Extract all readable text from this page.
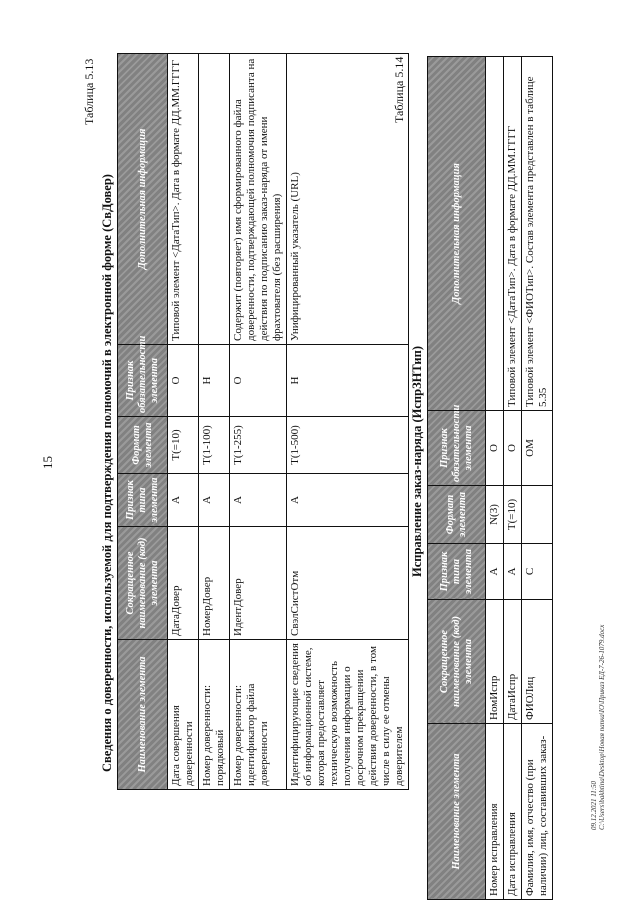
15
Таблица 5.13
Сведения о доверенности, используемой для подтверждения полномочий в электронной форме (СвДовер) Наименование элемента	Сокращенное наименование (код) элемента	Признак типа элемента	Формат элемента	Признак обязательности элемента	Дополнительная информация
Дата совершения доверенности	ДатаДовер	А	T(=10)	О	Типовой элемент <ДатаТип>. Дата в формате ДД.ММ.ГГГГ
Номер доверенности: порядковый	НомерДовер	А	T(1-100)	Н	
Номер доверенности: идентификатор файла доверенности	ИдентДовер	А	T(1-255)	О	Содержит (повторяет) имя сформированного файла доверенности, подтверждающей полномочия подписанта на действия по подписанию заказ-наряда от имени фрахтователя (без расширения)
Идентифицирующие сведения об информационной системе, которая предоставляет техническую возможность получения информации о досрочном прекращении действия доверенности, в том числе в силу ее отмены доверителем	СвэлСистОтм	А	T(1-500)	Н	Унифицированный указатель (URL)
Таблица 5.14
Исправление заказ-наряда (ИспрЗНТип)
Наименование элемента	Сокращенное наименование (код) элемента	Признак типа элемента	Формат элемента	Признак обязательности элемента	Дополнительная информация
Номер исправления	НомИспр	А	N(3)	О	
Дата исправления	ДатаИспр	А	T(=10)	О	Типовой элемент <ДатаТип>. Дата в формате ДД.ММ.ГГГГ
Фамилия, имя, отчество (при наличии) лиц, составивших заказ-	ФИОЛиц	С		ОМ	Типовой элемент <ФИОТип>. Состав элемента представлен в таблице 5.35
09.12.2021 11:50 C:\Users\bakhtina\Desktop\Новая папка\IO\Приказ ЕД-7-26-1079.docx
